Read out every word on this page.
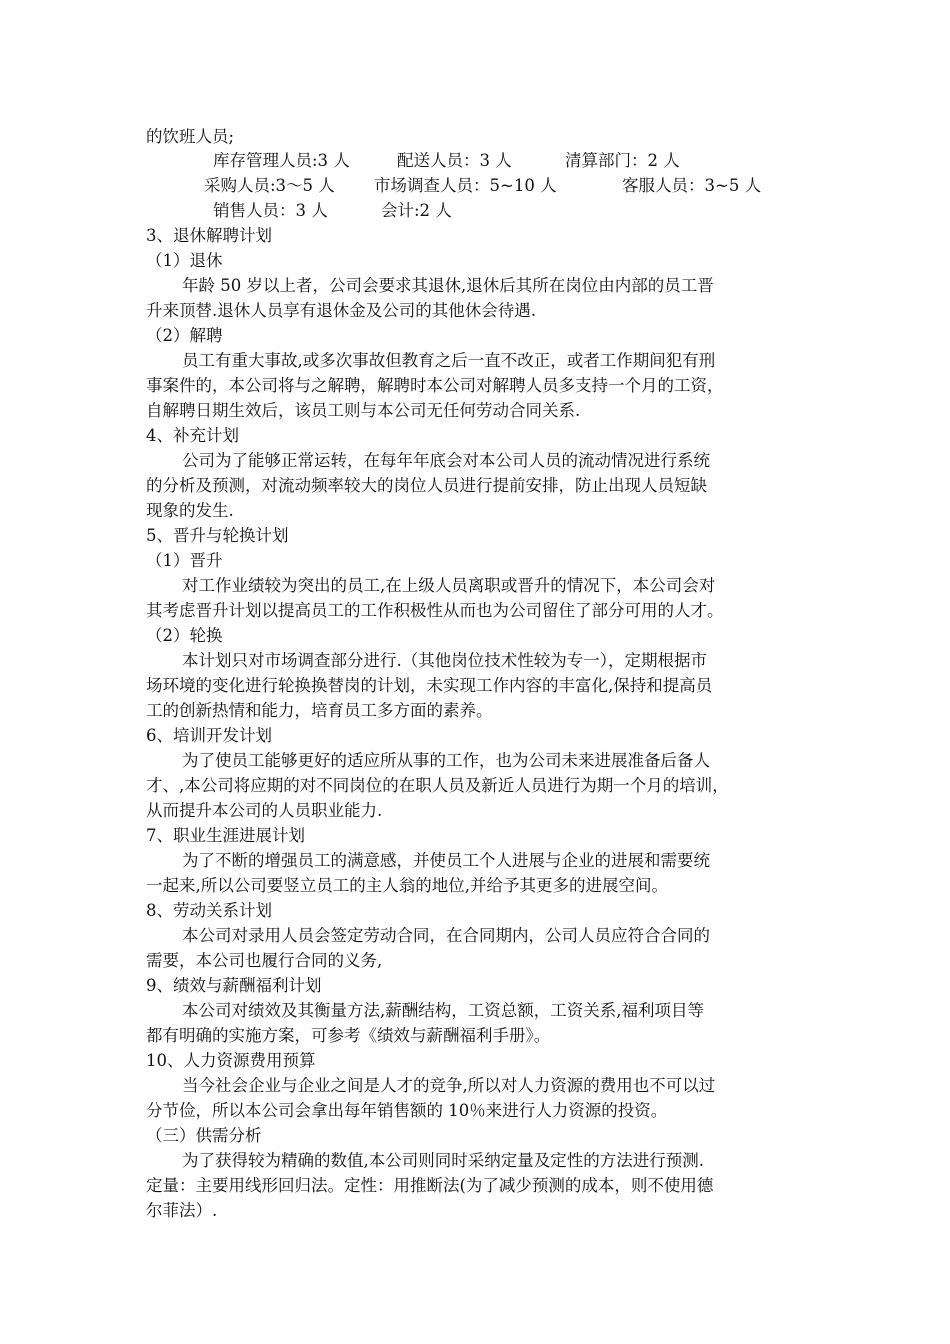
的饮班人员;
库存管理人员:3 人	配送人员：3 人	清算部门：2 人
采购人员:3～5 人 市场调查人员：5~10 人	客服人员：3~5 人
销售人员：3 人	会计:2 人
3、退休解聘计划
（1）退休
年龄 50 岁以上者，公司会要求其退休,退休后其所在岗位由内部的员工晋
升来顶替.退休人员享有退休金及公司的其他休会待遇.
（2）解聘
员工有重大事故,或多次事故但教育之后一直不改正，或者工作期间犯有刑
事案件的，本公司将与之解聘，解聘时本公司对解聘人员多支持一个月的工资，
自解聘日期生效后，该员工则与本公司无任何劳动合同关系.
4、补充计划
公司为了能够正常运转，在每年年底会对本公司人员的流动情况进行系统
的分析及预测，对流动频率较大的岗位人员进行提前安排，防止出现人员短缺
现象的发生.
5、晋升与轮换计划
（1）晋升
对工作业绩较为突出的员工,在上级人员离职或晋升的情况下，本公司会对
其考虑晋升计划以提高员工的工作积极性从而也为公司留住了部分可用的人才。
（2）轮换
本计划只对市场调查部分进行.（其他岗位技术性较为专一），定期根据市
场环境的变化进行轮换换替岗的计划，未实现工作内容的丰富化,保持和提高员
工的创新热情和能力，培育员工多方面的素养。
6、培训开发计划
为了使员工能够更好的适应所从事的工作，也为公司未来进展准备后备人
才、,本公司将应期的对不同岗位的在职人员及新近人员进行为期一个月的培训，
从而提升本公司的人员职业能力.
7、职业生涯进展计划
为了不断的增强员工的满意感，并使员工个人进展与企业的进展和需要统
一起来,所以公司要竖立员工的主人翁的地位,并给予其更多的进展空间。
8、劳动关系计划
本公司对录用人员会签定劳动合同，在合同期内，公司人员应符合合同的
需要，本公司也履行合同的义务,
9、绩效与薪酬福利计划
本公司对绩效及其衡量方法,薪酬结构，工资总额，工资关系,福利项目等
都有明确的实施方案，可参考《绩效与薪酬福利手册》。
10、人力资源费用预算
当今社会企业与企业之间是人才的竞争,所以对人力资源的费用也不可以过
分节俭，所以本公司会拿出每年销售额的 10％来进行人力资源的投资。
（三）供需分析
为了获得较为精确的数值,本公司则同时采纳定量及定性的方法进行预测.
定量：主要用线形回归法。定性：用推断法(为了减少预测的成本，则不使用德
尔菲法）.
